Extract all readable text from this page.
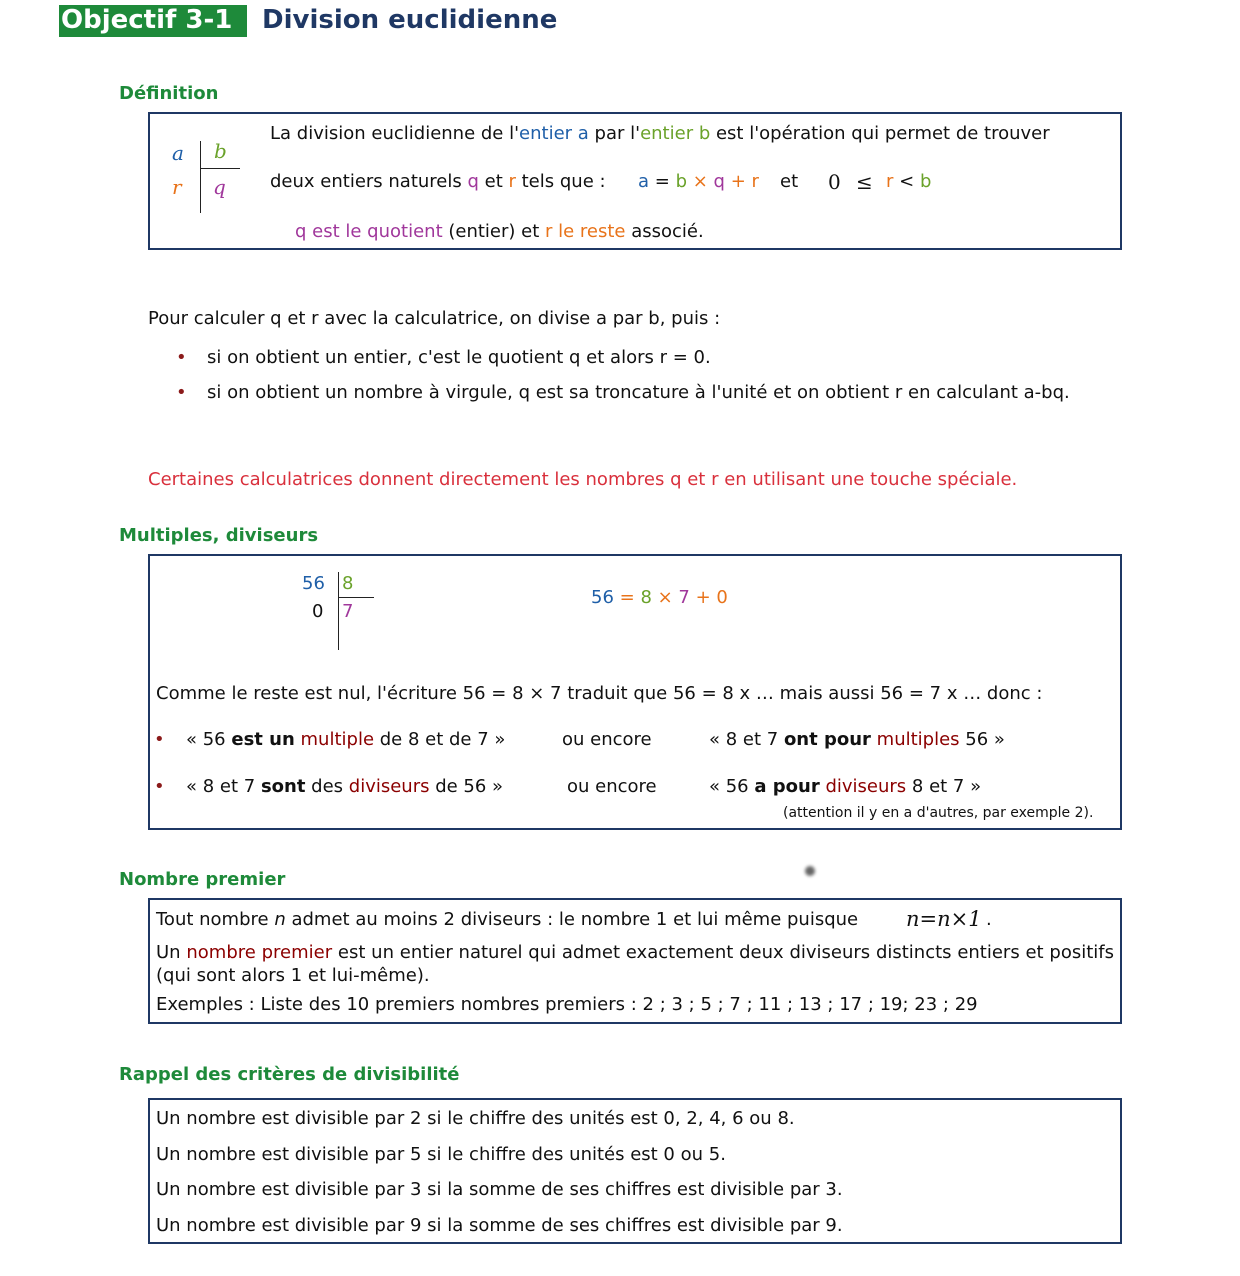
Objectif 3-1 Division euclidienne
Définition
a b
r q
La division euclidienne de l'entier a par l'entier b est l'opération qui permet de trouver
deux entiers naturels q et r tels que : a = b × q + r et 0 ≤ r < b
q est le quotient (entier) et r le reste associé.
Pour calculer q et r avec la calculatrice, on divise a par b, puis :
• si on obtient un entier, c'est le quotient q et alors r = 0.
• si on obtient un nombre à virgule, q est sa troncature à l'unité et on obtient r en calculant a-bq.
Certaines calculatrices donnent directement les nombres q et r en utilisant une touche spéciale.
Multiples, diviseurs
56 8
0 7
56 = 8 × 7 + 0
Comme le reste est nul, l'écriture 56 = 8 × 7 traduit que 56 = 8 x … mais aussi 56 = 7 x … donc :
• « 56 est un multiple de 8 et de 7 »	ou encore	« 8 et 7 ont pour multiples 56 »
• « 8 et 7 sont des diviseurs de 56 »	ou encore	« 56 a pour diviseurs 8 et 7 »
(attention il y en a d'autres, par exemple 2).
Nombre premier
Tout nombre n admet au moins 2 diviseurs : le nombre 1 et lui même puisque n=n×1 .
Un nombre premier est un entier naturel qui admet exactement deux diviseurs distincts entiers et positifs (qui sont alors 1 et lui-même).
Exemples : Liste des 10 premiers nombres premiers : 2 ; 3 ; 5 ; 7 ; 11 ; 13 ; 17 ; 19; 23 ; 29
Rappel des critères de divisibilité
Un nombre est divisible par 2 si le chiffre des unités est 0, 2, 4, 6 ou 8.
Un nombre est divisible par 5 si le chiffre des unités est 0 ou 5.
Un nombre est divisible par 3 si la somme de ses chiffres est divisible par 3.
Un nombre est divisible par 9 si la somme de ses chiffres est divisible par 9.
